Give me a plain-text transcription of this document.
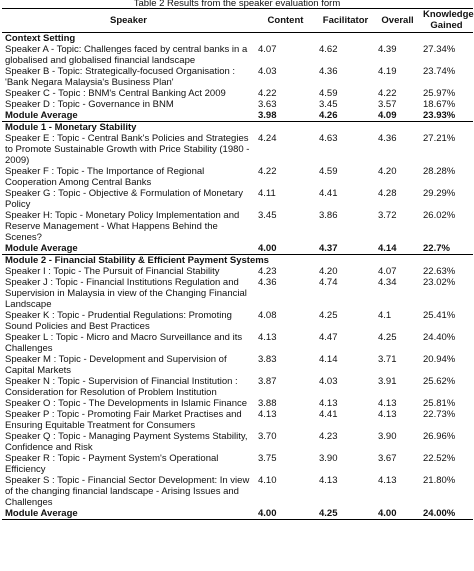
Table 2 Results from the speaker evaluation form
Speaker	Content	Facilitator	Overall	Knowledge Gained
Context Setting				
Speaker A - Topic: Challenges faced by central banks in a globalised and globalised financial landscape	4.07	4.62	4.39	27.34%
Speaker B - Topic: Strategically-focused Organisation : 'Bank Negara Malaysia's Business Plan'	4.03	4.36	4.19	23.74%
Speaker C - Topic : BNM's Central Banking Act 2009	4.22	4.59	4.22	25.97%
Speaker D : Topic - Governance in BNM	3.63	3.45	3.57	18.67%
Module Average	3.98	4.26	4.09	23.93%
Module 1 - Monetary Stability				
Speaker E : Topic - Central Bank's Policies and Strategies to Promote Sustainable Growth with Price Stability (1980 - 2009)	4.24	4.63	4.36	27.21%
Speaker F : Topic - The Importance of Regional Cooperation Among Central Banks	4.22	4.59	4.20	28.28%
Speaker G : Topic - Objective & Formulation of Monetary Policy	4.11	4.41	4.28	29.29%
Speaker H: Topic - Monetary Policy Implementation and Reserve Management - What Happens Behind the Scenes?	3.45	3.86	3.72	26.02%
Module Average	4.00	4.37	4.14	22.7%
Module 2 - Financial Stability & Efficient Payment Systems				
Speaker I : Topic - The Pursuit of Financial Stability	4.23	4.20	4.07	22.63%
Speaker J : Topic - Financial Institutions Regulation and Supervision in Malaysia in view of the Changing Financial Landscape	4.36	4.74	4.34	23.02%
Speaker K : Topic - Prudential Regulations: Promoting Sound Policies and Best Practices	4.08	4.25	4.1	25.41%
Speaker L : Topic - Micro and Macro Surveillance and its Challenges	4.13	4.47	4.25	24.40%
Speaker M : Topic - Development and Supervision of Capital Markets	3.83	4.14	3.71	20.94%
Speaker N : Topic - Supervision of Financial Institution : Consideration for Resolution of Problem Institution	3.87	4.03	3.91	25.62%
Speaker O : Topic - The Developments in Islamic Finance	3.88	4.13	4.13	25.81%
Speaker P : Topic - Promoting Fair Market Practises and Ensuring Equitable Treatment for Consumers	4.13	4.41	4.13	22.73%
Speaker Q : Topic - Managing Payment Systems Stability, Confidence and Risk	3.70	4.23	3.90	26.96%
Speaker R : Topic - Payment System's Operational Efficiency	3.75	3.90	3.67	22.52%
Speaker S : Topic - Financial Sector Development: In view of the changing financial landscape - Arising Issues and Challenges	4.10	4.13	4.13	21.80%
Module Average	4.00	4.25	4.00	24.00%
